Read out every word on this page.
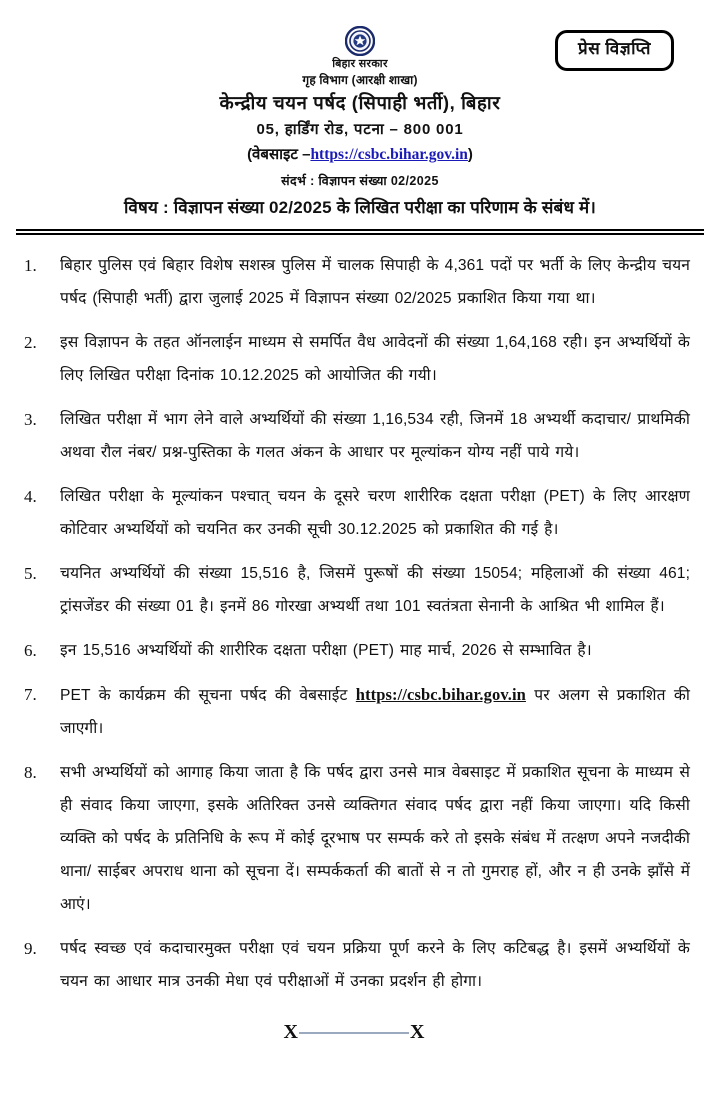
प्रेस विज्ञप्ति
बिहार सरकार
गृह विभाग (आरक्षी शाखा)
केन्द्रीय चयन पर्षद (सिपाही भर्ती), बिहार
05, हार्डिंग रोड, पटना – 800 001
(वेबसाइट –https://csbc.bihar.gov.in)
संदर्भ : विज्ञापन संख्या 02/2025
विषय : विज्ञापन संख्या 02/2025 के लिखित परीक्षा का परिणाम के संबंध में।
1.	बिहार पुलिस एवं बिहार विशेष सशस्त्र पुलिस में चालक सिपाही के 4,361 पदों पर भर्ती के लिए केन्द्रीय चयन पर्षद (सिपाही भर्ती) द्वारा जुलाई 2025 में विज्ञापन संख्या 02/2025 प्रकाशित किया गया था।
2.	इस विज्ञापन के तहत ऑनलाईन माध्यम से समर्पित वैध आवेदनों की संख्या 1,64,168 रही। इन अभ्यर्थियों के लिए लिखित परीक्षा दिनांक 10.12.2025 को आयोजित की गयी।
3.	लिखित परीक्षा में भाग लेने वाले अभ्यर्थियों की संख्या 1,16,534 रही, जिनमें 18 अभ्यर्थी कदाचार/ प्राथमिकी अथवा रौल नंबर/ प्रश्न-पुस्तिका के गलत अंकन के आधार पर मूल्यांकन योग्य नहीं पाये गये।
4.	लिखित परीक्षा के मूल्यांकन पश्चात् चयन के दूसरे चरण शारीरिक दक्षता परीक्षा (PET) के लिए आरक्षण कोटिवार अभ्यर्थियों को चयनित कर उनकी सूची 30.12.2025 को प्रकाशित की गई है।
5.	चयनित अभ्यर्थियों की संख्या 15,516 है, जिसमें पुरूषों की संख्या 15054; महिलाओं की संख्या 461; ट्रांसजेंडर की संख्या 01 है। इनमें 86 गोरखा अभ्यर्थी तथा 101 स्वतंत्रता सेनानी के आश्रित भी शामिल हैं।
6.	इन 15,516 अभ्यर्थियों की शारीरिक दक्षता परीक्षा (PET) माह मार्च, 2026 से सम्भावित है।
7.	PET के कार्यक्रम की सूचना पर्षद की वेबसाईट https://csbc.bihar.gov.in पर अलग से प्रकाशित की जाएगी।
8.	सभी अभ्यर्थियों को आगाह किया जाता है कि पर्षद द्वारा उनसे मात्र वेबसाइट में प्रकाशित सूचना के माध्यम से ही संवाद किया जाएगा, इसके अतिरिक्त उनसे व्यक्तिगत संवाद पर्षद द्वारा नहीं किया जाएगा। यदि किसी व्यक्ति को पर्षद के प्रतिनिधि के रूप में कोई दूरभाष पर सम्पर्क करे तो इसके संबंध में तत्क्षण अपने नजदीकी थाना/ साईबर अपराध थाना को सूचना दें। सम्पर्ककर्ता की बातों से न तो गुमराह हों, और न ही उनके झाँसे में आएं।
9.	पर्षद स्वच्छ एवं कदाचारमुक्त परीक्षा एवं चयन प्रक्रिया पूर्ण करने के लिए कटिबद्ध है। इसमें अभ्यर्थियों के चयन का आधार मात्र उनकी मेधा एवं परीक्षाओं में उनका प्रदर्शन ही होगा।
X	X
